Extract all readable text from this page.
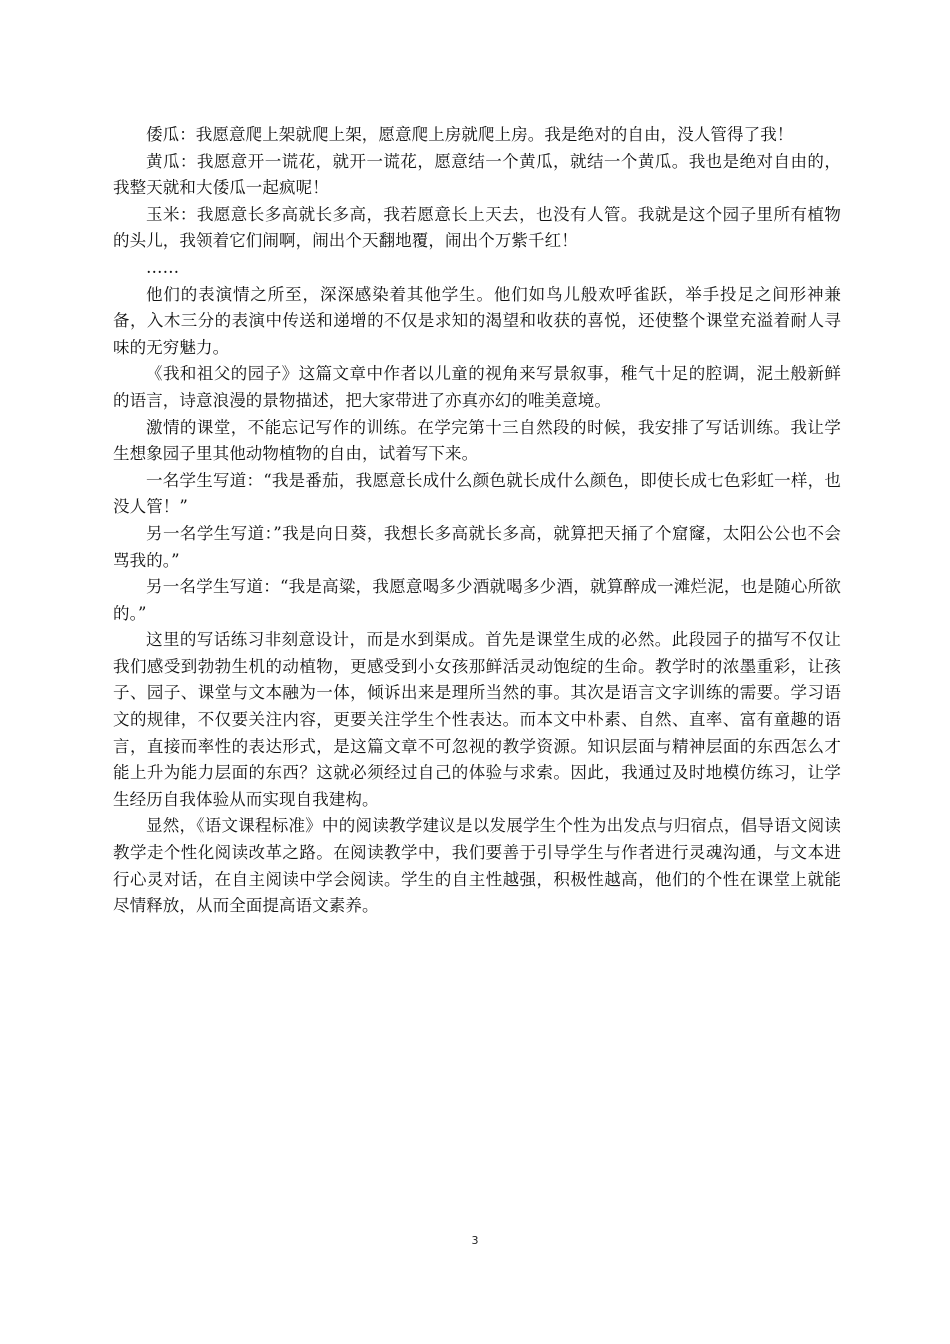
倭瓜：我愿意爬上架就爬上架，愿意爬上房就爬上房。我是绝对的自由，没人管得了我！

黄瓜：我愿意开一谎花，就开一谎花，愿意结一个黄瓜，就结一个黄瓜。我也是绝对自由的，我整天就和大倭瓜一起疯呢！

玉米：我愿意长多高就长多高，我若愿意长上天去，也没有人管。我就是这个园子里所有植物的头儿，我领着它们闹啊，闹出个天翻地覆，闹出个万紫千红！

……

他们的表演情之所至，深深感染着其他学生。他们如鸟儿般欢呼雀跃，举手投足之间形神兼备，入木三分的表演中传送和递增的不仅是求知的渴望和收获的喜悦，还使整个课堂充溢着耐人寻味的无穷魅力。

《我和祖父的园子》这篇文章中作者以儿童的视角来写景叙事，稚气十足的腔调，泥土般新鲜的语言，诗意浪漫的景物描述，把大家带进了亦真亦幻的唯美意境。

激情的课堂，不能忘记写作的训练。在学完第十三自然段的时候，我安排了写话训练。我让学生想象园子里其他动物植物的自由，试着写下来。

一名学生写道：“我是番茄，我愿意长成什么颜色就长成什么颜色，即使长成七色彩虹一样，也没人管！”

另一名学生写道：”我是向日葵，我想长多高就长多高，就算把天捅了个窟窿，太阳公公也不会骂我的。”

另一名学生写道：“我是高粱，我愿意喝多少酒就喝多少酒，就算醉成一滩烂泥，也是随心所欲的。”

这里的写话练习非刻意设计，而是水到渠成。首先是课堂生成的必然。此段园子的描写不仅让我们感受到勃勃生机的动植物，更感受到小女孩那鲜活灵动饱绽的生命。教学时的浓墨重彩，让孩子、园子、课堂与文本融为一体，倾诉出来是理所当然的事。其次是语言文字训练的需要。学习语文的规律，不仅要关注内容，更要关注学生个性表达。而本文中朴素、自然、直率、富有童趣的语言，直接而率性的表达形式，是这篇文章不可忽视的教学资源。知识层面与精神层面的东西怎么才能上升为能力层面的东西？这就必须经过自己的体验与求索。因此，我通过及时地模仿练习，让学生经历自我体验从而实现自我建构。

显然，《语文课程标准》中的阅读教学建议是以发展学生个性为出发点与归宿点，倡导语文阅读教学走个性化阅读改革之路。在阅读教学中，我们要善于引导学生与作者进行灵魂沟通，与文本进行心灵对话，在自主阅读中学会阅读。学生的自主性越强，积极性越高，他们的个性在课堂上就能尽情释放，从而全面提高语文素养。

3
